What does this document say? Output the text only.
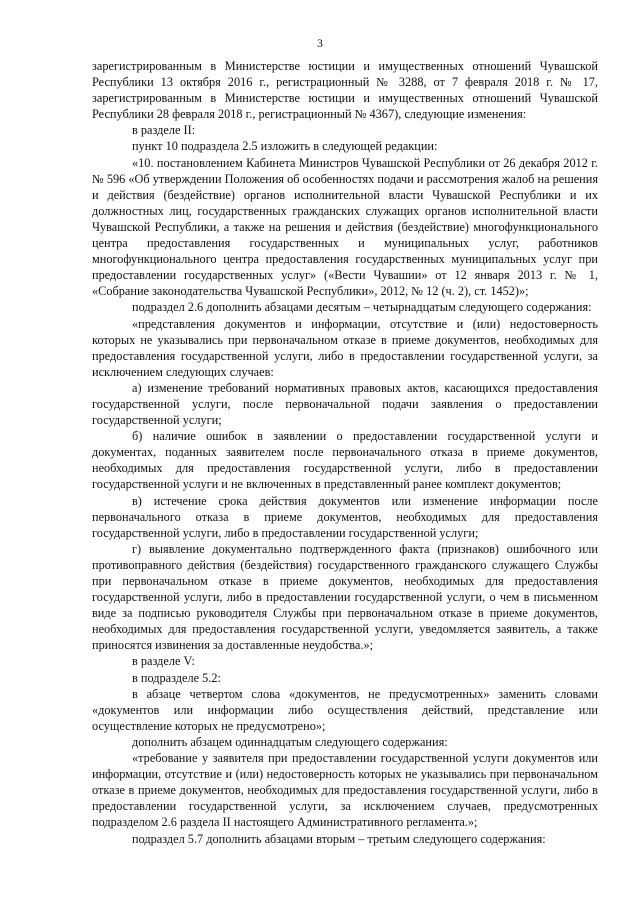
3

зарегистрированным в Министерстве юстиции и имущественных отношений Чувашской Республики 13 октября 2016 г., регистрационный № 3288, от 7 февраля 2018 г. № 17, зарегистрированным в Министерстве юстиции и имущественных отношений Чувашской Республики 28 февраля 2018 г., регистрационный № 4367), следующие изменения:

в разделе II:

пункт 10 подраздела 2.5 изложить в следующей редакции:

«10. постановлением Кабинета Министров Чувашской Республики от 26 декабря 2012 г. № 596 «Об утверждении Положения об особенностях подачи и рассмотрения жалоб на решения и действия (бездействие) органов исполнительной власти Чувашской Республики и их должностных лиц, государственных гражданских служащих органов исполнительной власти Чувашской Республики, а также на решения и действия (бездействие) многофункционального центра предоставления государственных и муниципальных услуг, работников многофункционального центра предоставления государственных муниципальных услуг при предоставлении государственных услуг» («Вести Чувашии» от 12 января 2013 г. № 1, «Собрание законодательства Чувашской Республики», 2012, № 12 (ч. 2), ст. 1452)»;

подраздел 2.6 дополнить абзацами десятым – четырнадцатым следующего содержания:

«представления документов и информации, отсутствие и (или) недостоверность которых не указывались при первоначальном отказе в приеме документов, необходимых для предоставления государственной услуги, либо в предоставлении государственной услуги, за исключением следующих случаев:

а) изменение требований нормативных правовых актов, касающихся предоставления государственной услуги, после первоначальной подачи заявления о предоставлении государственной услуги;

б) наличие ошибок в заявлении о предоставлении государственной услуги и документах, поданных заявителем после первоначального отказа в приеме документов, необходимых для предоставления государственной услуги, либо в предоставлении государственной услуги и не включенных в представленный ранее комплект документов;

в) истечение срока действия документов или изменение информации после первоначального отказа в приеме документов, необходимых для предоставления государственной услуги, либо в предоставлении государственной услуги;

г) выявление документально подтвержденного факта (признаков) ошибочного или противоправного действия (бездействия) государственного гражданского служащего Службы при первоначальном отказе в приеме документов, необходимых для предоставления государственной услуги, либо в предоставлении государственной услуги, о чем в письменном виде за подписью руководителя Службы при первоначальном отказе в приеме документов, необходимых для предоставления государственной услуги, уведомляется заявитель, а также приносятся извинения за доставленные неудобства.»;

в разделе V:

в подразделе 5.2:

в абзаце четвертом слова «документов, не предусмотренных» заменить словами «документов или информации либо осуществления действий, представление или осуществление которых не предусмотрено»;

дополнить абзацем одиннадцатым следующего содержания:

«требование у заявителя при предоставлении государственной услуги документов или информации, отсутствие и (или) недостоверность которых не указывались при первоначальном отказе в приеме документов, необходимых для предоставления государственной услуги, либо в предоставлении государственной услуги, за исключением случаев, предусмотренных подразделом 2.6 раздела II настоящего Административного регламента.»;

подраздел 5.7 дополнить абзацами вторым – третьим следующего содержания:
